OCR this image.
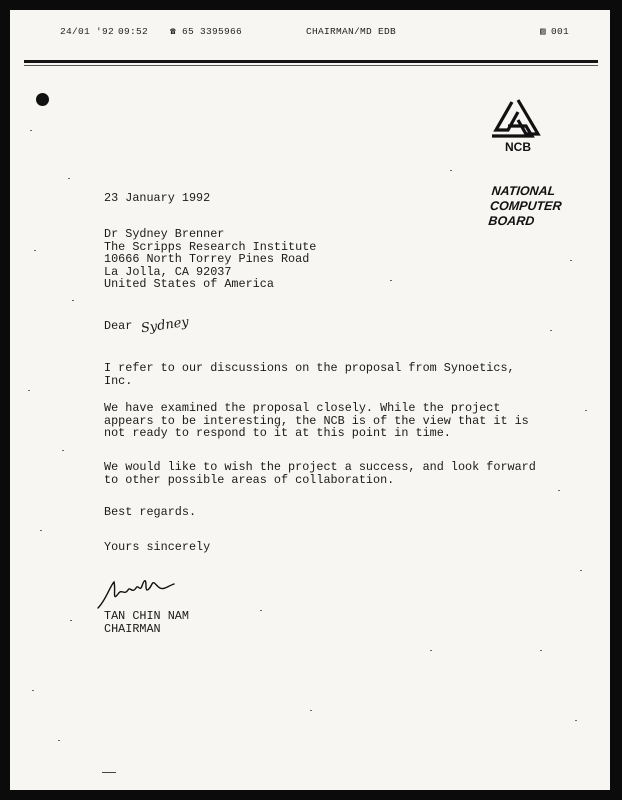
24/01 '92 09:52 ☎ 65 3395966	CHAIRMAN/MD EDB	▨ 001
NCB
NATIONAL
COMPUTER
BOARD
23 January 1992
Dr Sydney Brenner
The Scripps Research Institute
10666 North Torrey Pines Road
La Jolla, CA 92037
United States of America
Dear Sydney
I refer to our discussions on the proposal from Synoetics,
Inc.
We have examined the proposal closely. While the project
appears to be interesting, the NCB is of the view that it is
not ready to respond to it at this point in time.
We would like to wish the project a success, and look forward
to other possible areas of collaboration.
Best regards.
Yours sincerely
TAN CHIN NAM
CHAIRMAN
